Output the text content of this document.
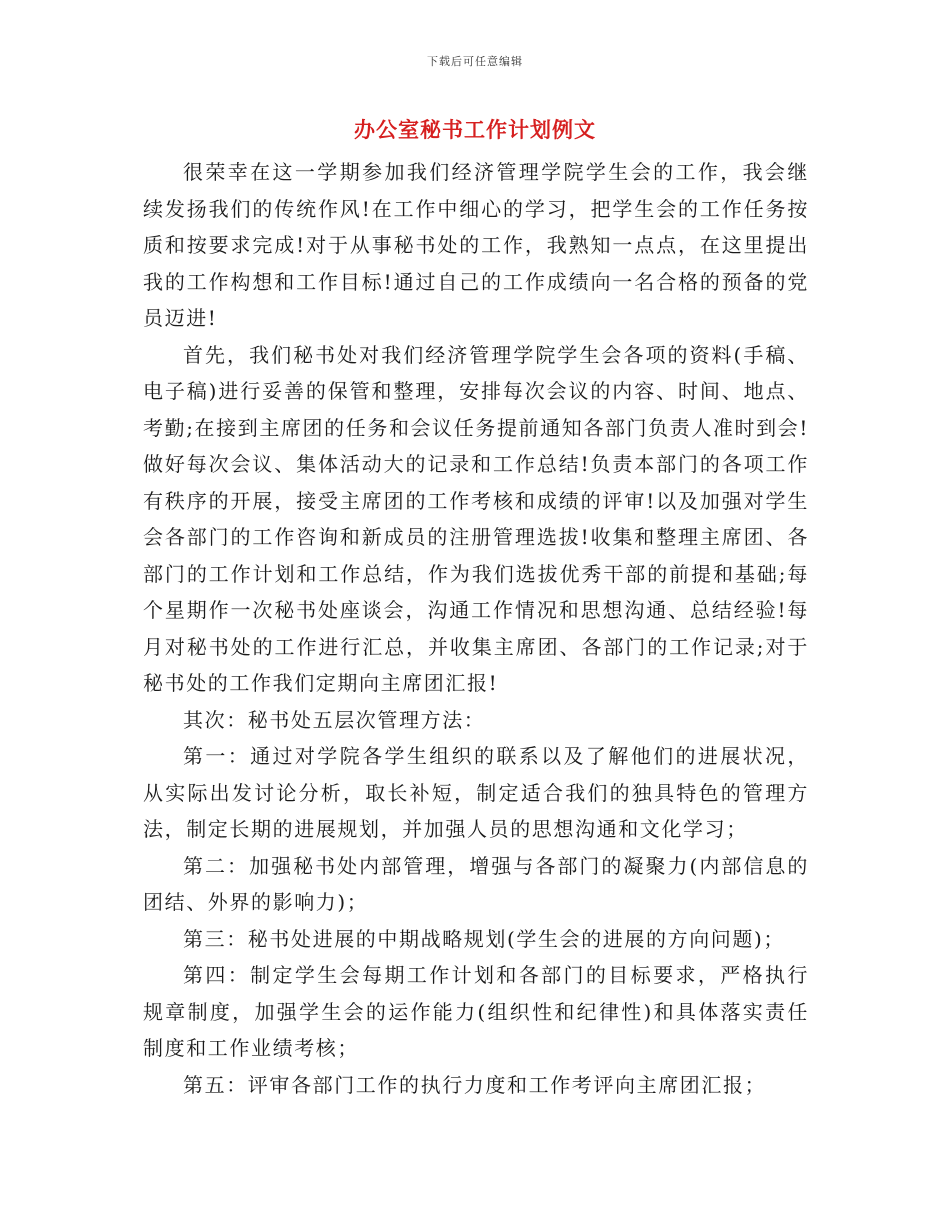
下载后可任意编辑
办公室秘书工作计划例文

很荣幸在这一学期参加我们经济管理学院学生会的工作，我会继续发扬我们的传统作风!在工作中细心的学习，把学生会的工作任务按质和按要求完成!对于从事秘书处的工作，我熟知一点点，在这里提出我的工作构想和工作目标!通过自己的工作成绩向一名合格的预备的党员迈进!

首先，我们秘书处对我们经济管理学院学生会各项的资料(手稿、电子稿)进行妥善的保管和整理，安排每次会议的内容、时间、地点、考勤;在接到主席团的任务和会议任务提前通知各部门负责人准时到会!做好每次会议、集体活动大的记录和工作总结!负责本部门的各项工作有秩序的开展，接受主席团的工作考核和成绩的评审!以及加强对学生会各部门的工作咨询和新成员的注册管理选拔!收集和整理主席团、各部门的工作计划和工作总结，作为我们选拔优秀干部的前提和基础;每个星期作一次秘书处座谈会，沟通工作情况和思想沟通、总结经验!每月对秘书处的工作进行汇总，并收集主席团、各部门的工作记录;对于秘书处的工作我们定期向主席团汇报!

其次：秘书处五层次管理方法：

第一：通过对学院各学生组织的联系以及了解他们的进展状况，从实际出发讨论分析，取长补短，制定适合我们的独具特色的管理方法，制定长期的进展规划，并加强人员的思想沟通和文化学习；

第二：加强秘书处内部管理，增强与各部门的凝聚力(内部信息的团结、外界的影响力)；

第三：秘书处进展的中期战略规划(学生会的进展的方向问题)；

第四：制定学生会每期工作计划和各部门的目标要求，严格执行规章制度，加强学生会的运作能力(组织性和纪律性)和具体落实责任制度和工作业绩考核；

第五：评审各部门工作的执行力度和工作考评向主席团汇报；
